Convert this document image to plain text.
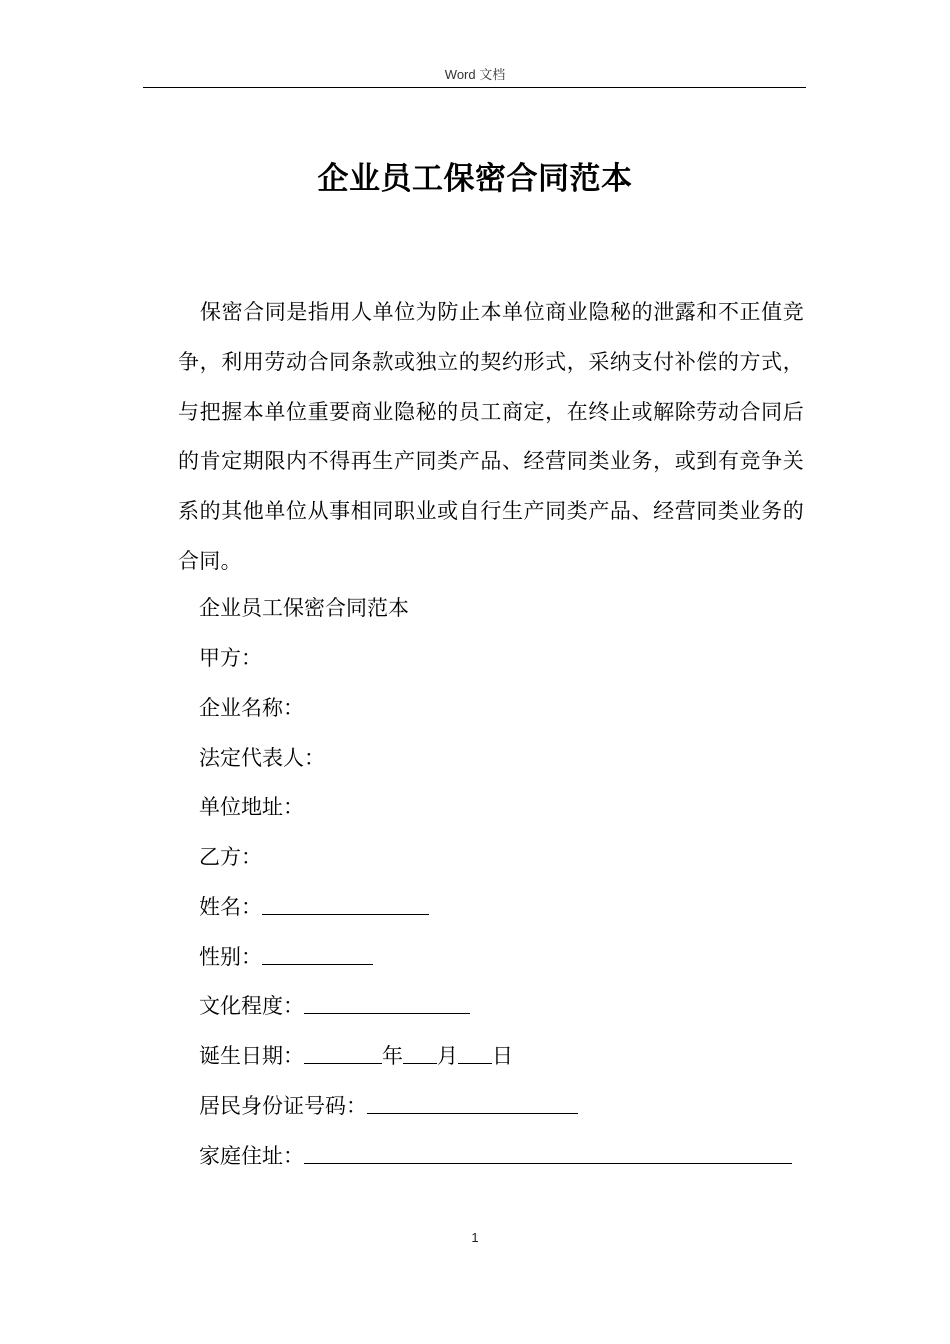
Word 文档
企业员工保密合同范本

保密合同是指用人单位为防止本单位商业隐秘的泄露和不正值竞争，利用劳动合同条款或独立的契约形式，采纳支付补偿的方式，与把握本单位重要商业隐秘的员工商定，在终止或解除劳动合同后的肯定期限内不得再生产同类产品、经营同类业务，或到有竞争关系的其他单位从事相同职业或自行生产同类产品、经营同类业务的合同。

企业员工保密合同范本

甲方：

企业名称：

法定代表人：

单位地址：

乙方：

姓名：

性别：

文化程度：

诞生日期：	年 月 日

居民身份证号码：

家庭住址：

1
